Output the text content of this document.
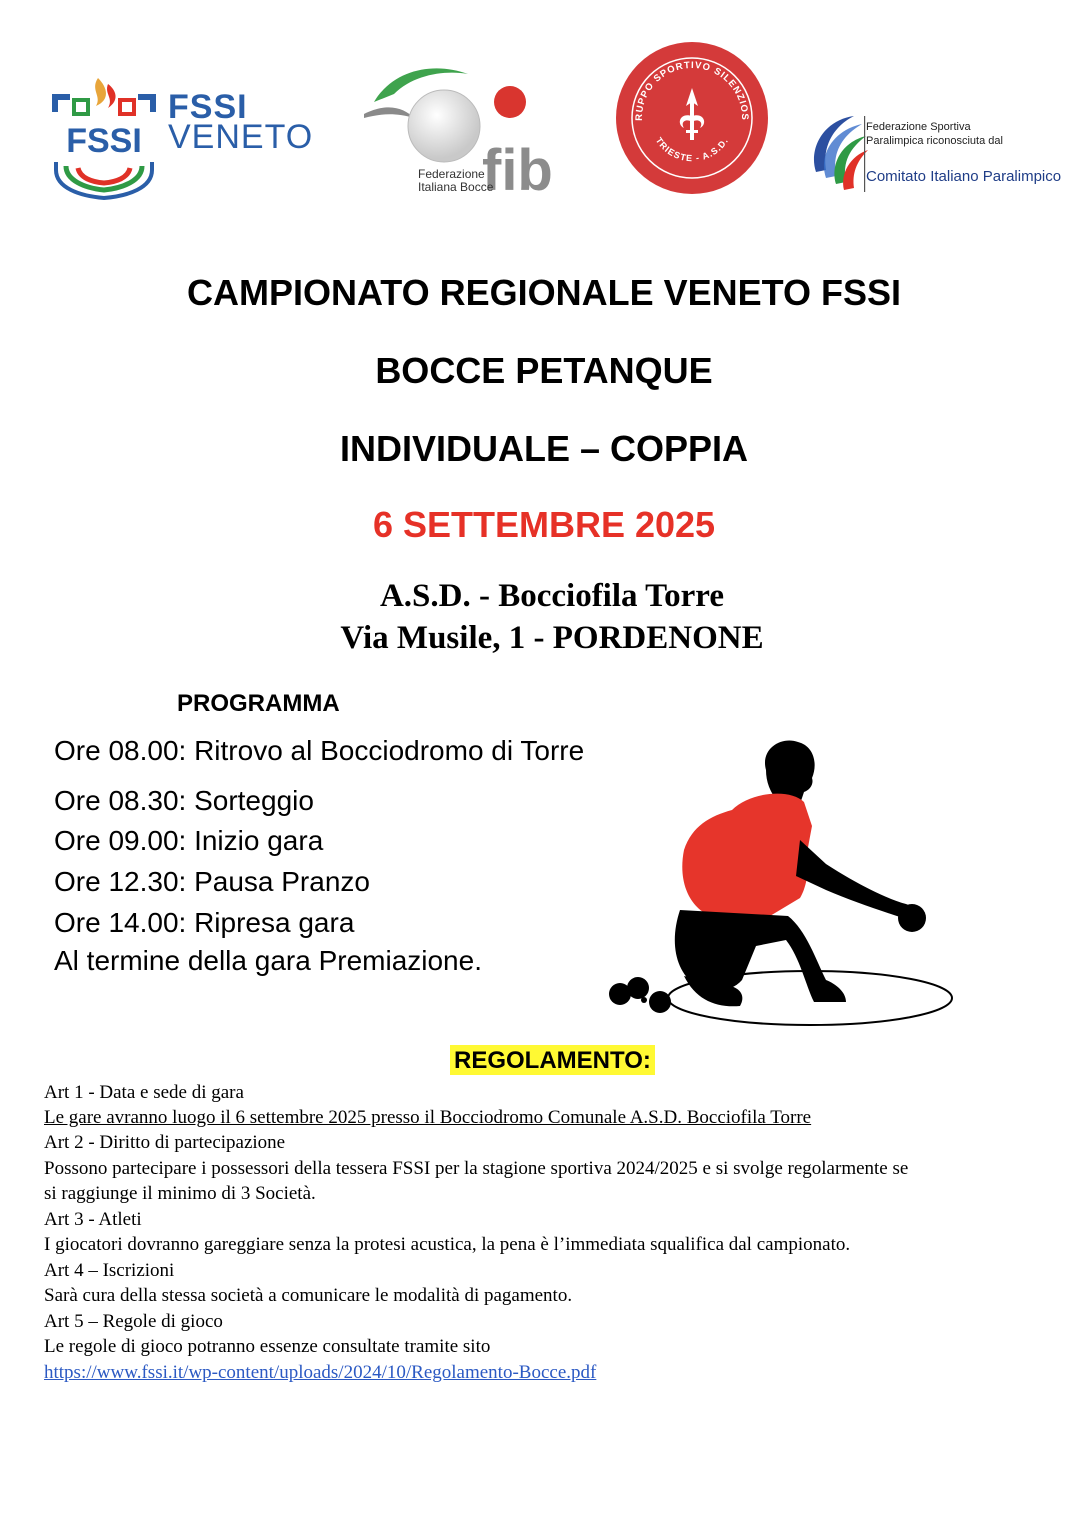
FSSI
FSSI
VENETO
fib
Federazione
Italiana Bocce
RUPPO SPORTIVO SILENZIOS
TRIESTE - A.S.D.
Federazione Sportiva
Paralimpica riconosciuta dal
Comitato Italiano Paralimpico
CAMPIONATO REGIONALE VENETO FSSI
BOCCE PETANQUE
INDIVIDUALE – COPPIA
6 SETTEMBRE 2025
A.S.D. - Bocciofila Torre
Via Musile, 1 - PORDENONE
PROGRAMMA
Ore 08.00: Ritrovo al Bocciodromo di Torre
Ore 08.30: Sorteggio
Ore 09.00: Inizio gara
Ore 12.30: Pausa Pranzo
Ore 14.00: Ripresa gara
Al termine della gara Premiazione.
REGOLAMENTO:
Art 1 - Data e sede di gara
Le gare avranno luogo il 6 settembre 2025 presso il Bocciodromo Comunale A.S.D. Bocciofila Torre
Art 2 - Diritto di partecipazione
Possono partecipare i possessori della tessera FSSI per la stagione sportiva 2024/2025 e si svolge regolarmente se
si raggiunge il minimo di 3 Società.
Art 3 - Atleti
I giocatori dovranno gareggiare senza la protesi acustica, la pena è l’immediata squalifica dal campionato.
Art 4 – Iscrizioni
Sarà cura della stessa società a comunicare le modalità di pagamento.
Art 5 – Regole di gioco
Le regole di gioco potranno essenze consultate tramite sito
https://www.fssi.it/wp-content/uploads/2024/10/Regolamento-Bocce.pdf
